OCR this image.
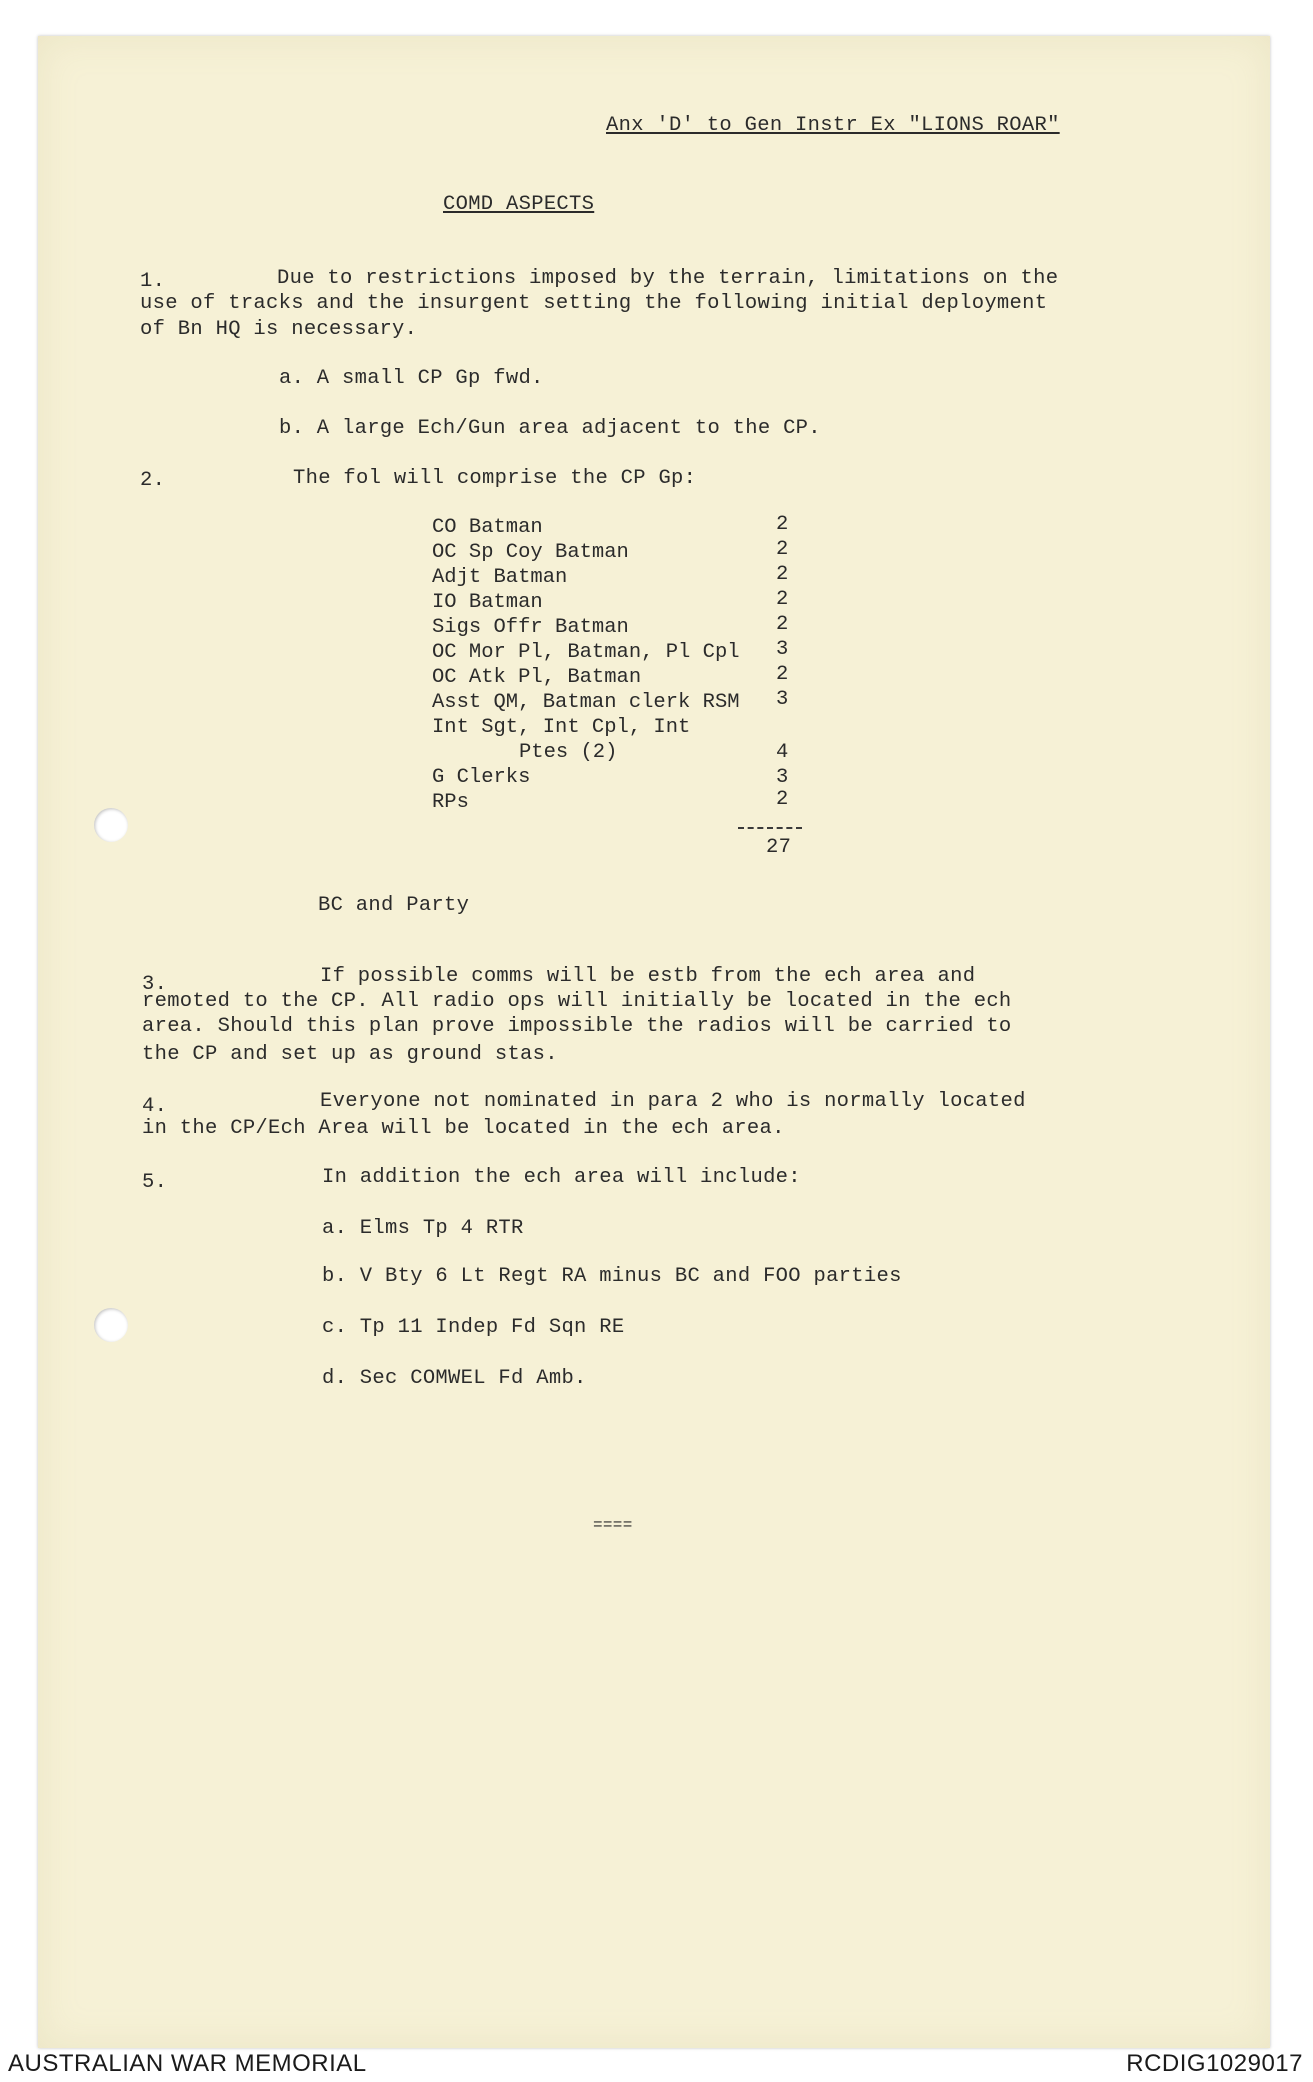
Anx 'D' to Gen Instr Ex "LIONS ROAR"
COMD ASPECTS
1.	Due to restrictions imposed by the terrain, limitations on the
use of tracks and the insurgent setting the following initial deployment
of Bn HQ is necessary.
a. A small CP Gp fwd.
b. A large Ech/Gun area adjacent to the CP.
2.	The fol will comprise the CP Gp:
CO Batman	2
OC Sp Coy Batman	2
Adjt Batman	2
IO Batman	2
Sigs Offr Batman	2
OC Mor Pl, Batman, Pl Cpl 3
OC Atk Pl, Batman	2
Asst QM, Batman clerk RSM 3
Int Sgt, Int Cpl, Int
Ptes (2)	4
G Clerks	3
RPs	2
27
BC and Party
3.	If possible comms will be estb from the ech area and
remoted to the CP. All radio ops will initially be located in the ech
area. Should this plan prove impossible the radios will be carried to
the CP and set up as ground stas.
4.	Everyone not nominated in para 2 who is normally located
in the CP/Ech Area will be located in the ech area.
5.	In addition the ech area will include:
a. Elms Tp 4 RTR
b. V Bty 6 Lt Regt RA minus BC and FOO parties
c. Tp 11 Indep Fd Sqn RE
d. Sec COMWEL Fd Amb.
====
AUSTRALIAN WAR MEMORIAL	RCDIG1029017
